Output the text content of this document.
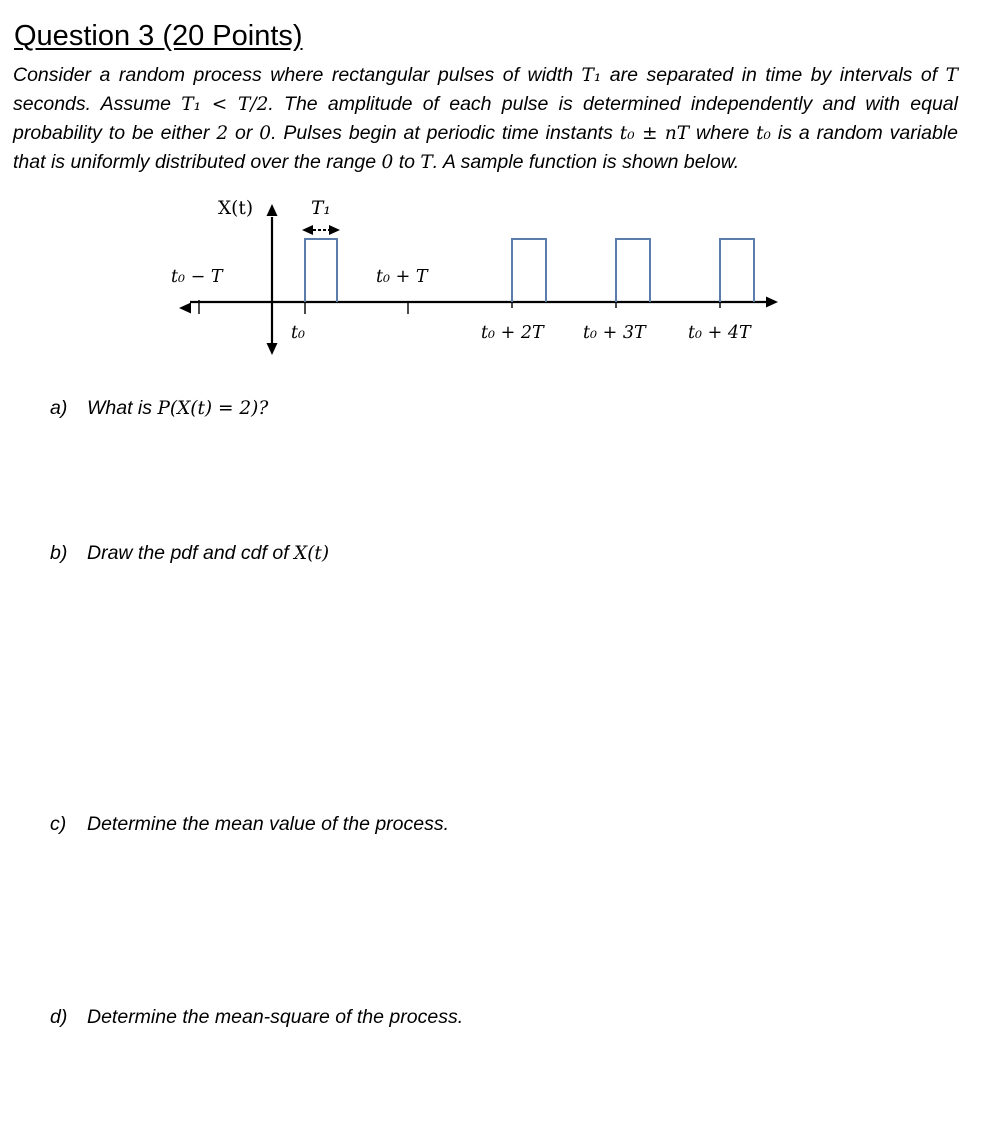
Question 3 (20 Points)
Consider a random process where rectangular pulses of width T₁ are separated in time by intervals of T seconds. Assume T₁ < T/2. The amplitude of each pulse is determined independently and with equal probability to be either 2 or 0. Pulses begin at periodic time instants t₀ ± nT where t₀ is a random variable that is uniformly distributed over the range 0 to T. A sample function is shown below.
X(t)	T₁
t₀ − T	t₀ + T
t₀	t₀ + 2T t₀ + 3T t₀ + 4T
a) What is P(X(t) = 2)?
b) Draw the pdf and cdf of X(t)
c) Determine the mean value of the process.
d) Determine the mean-square of the process.
